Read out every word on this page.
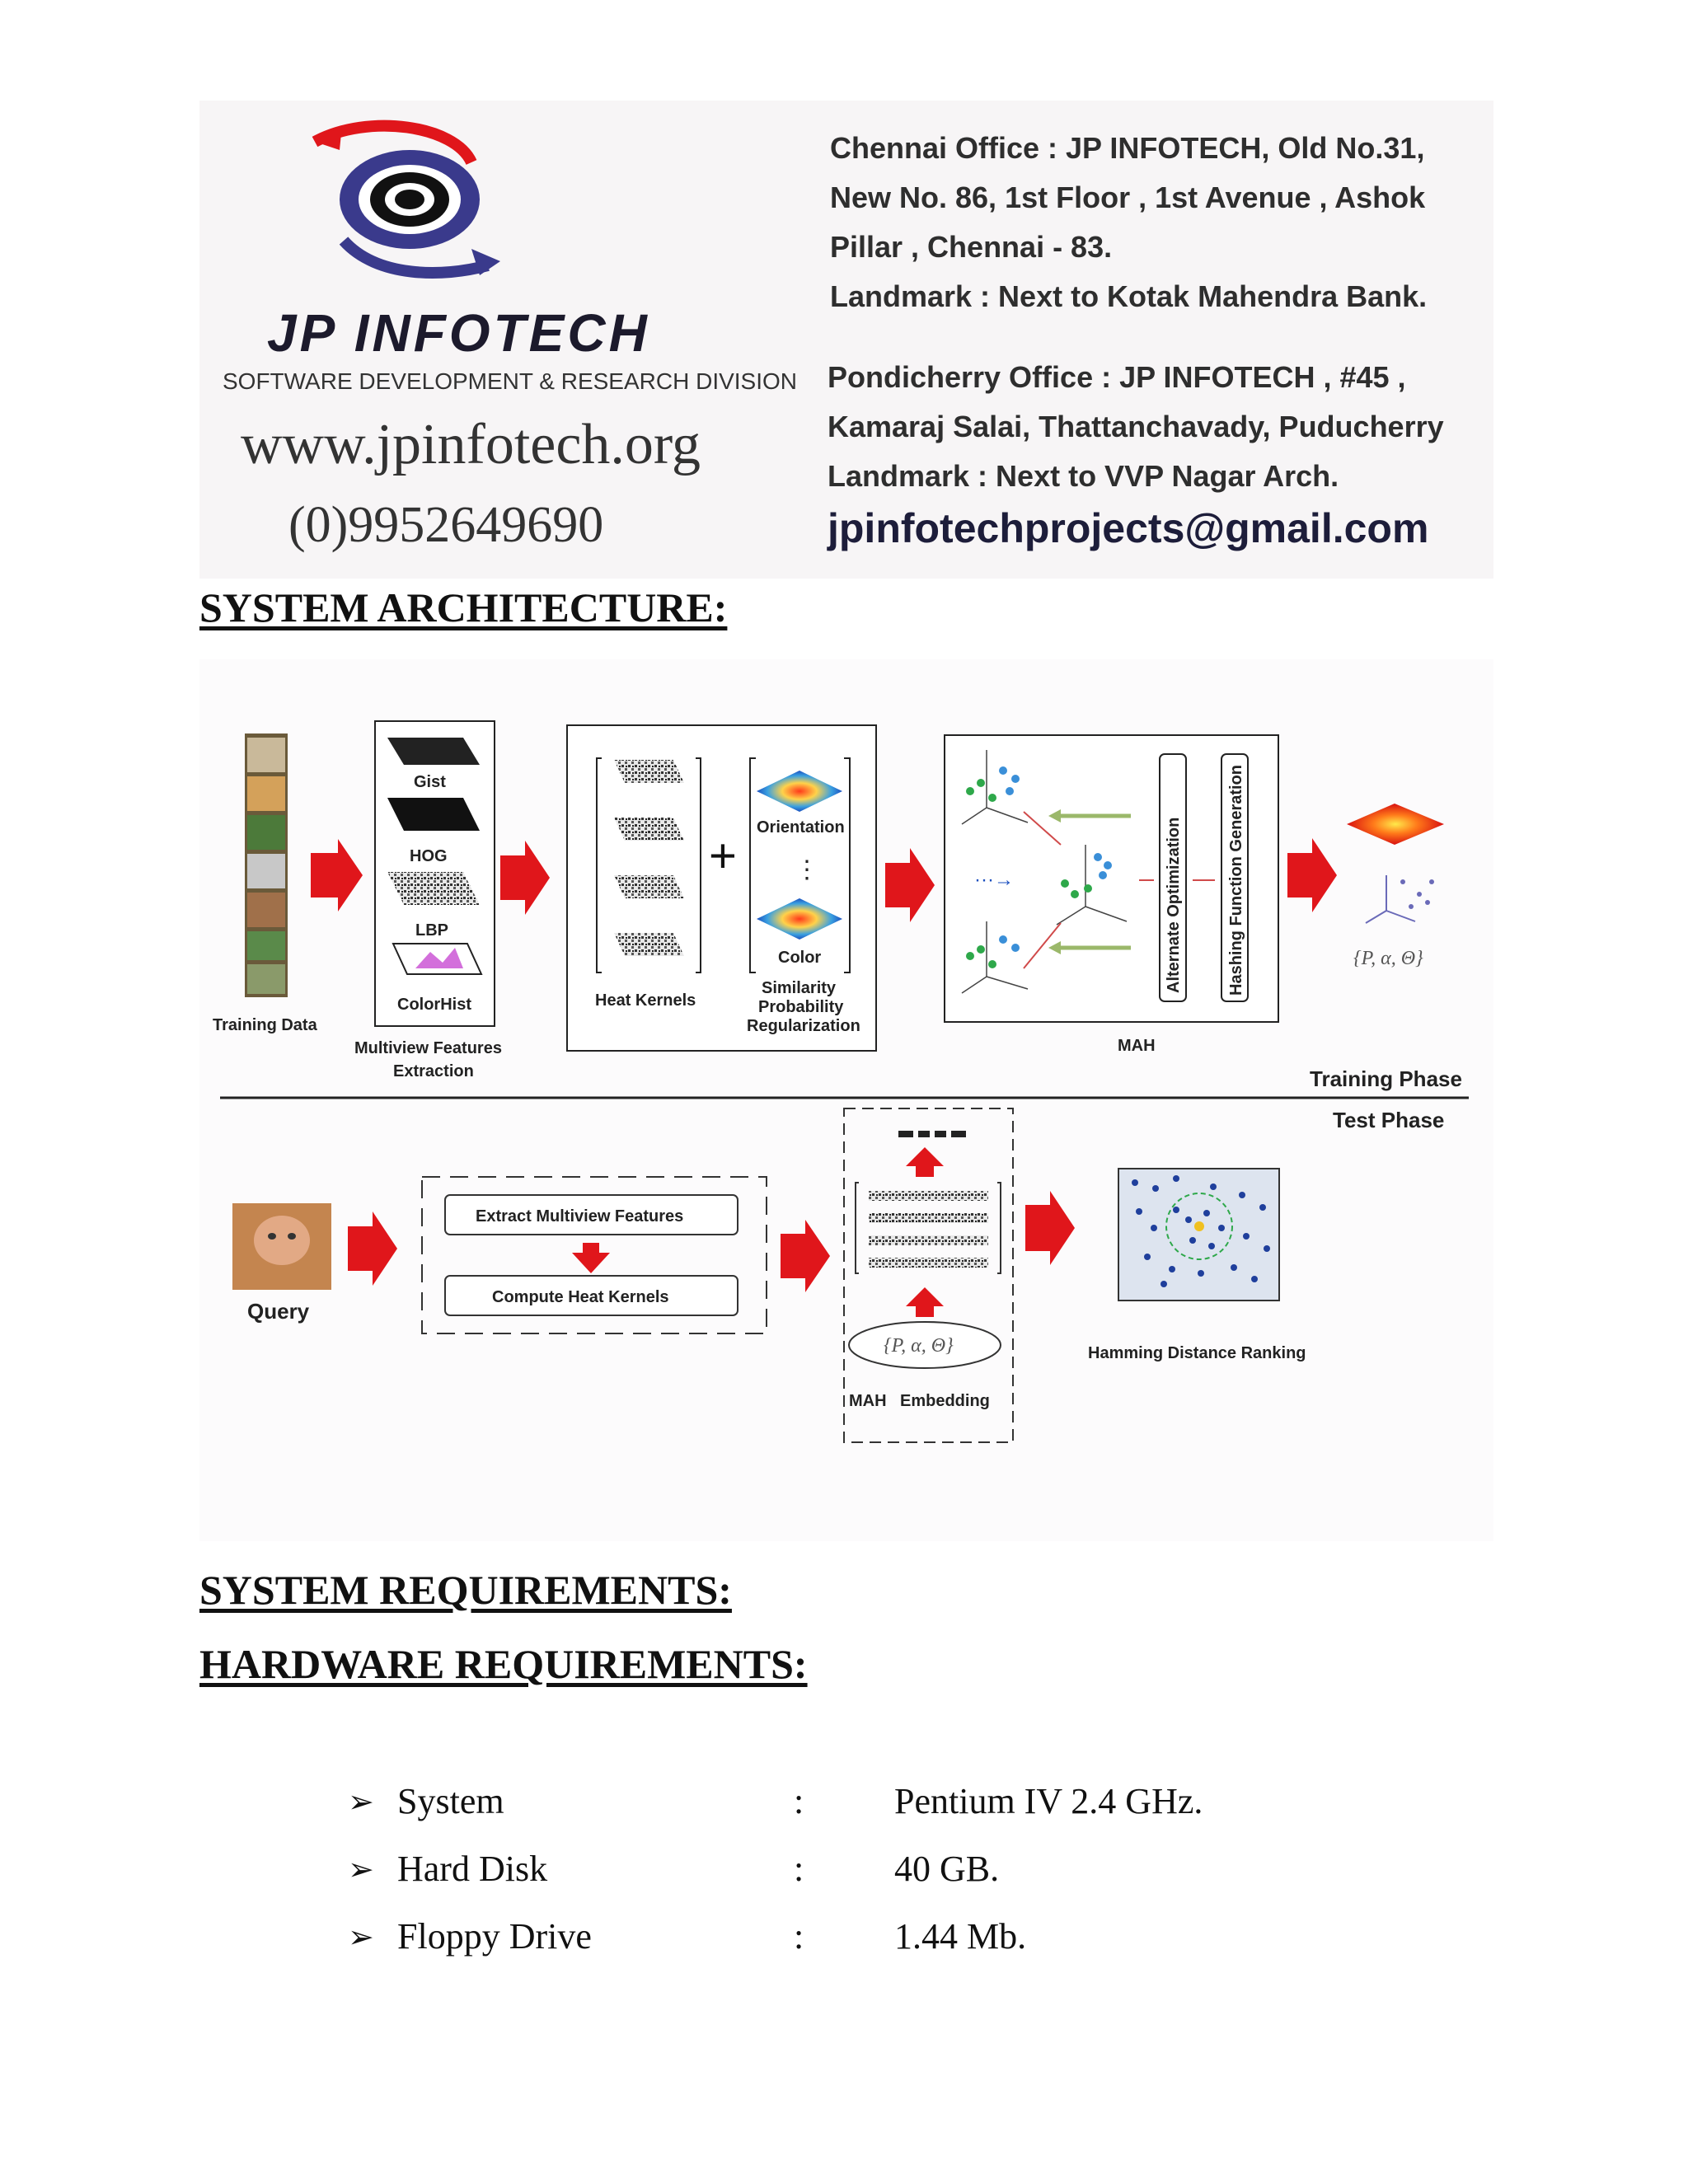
JP INFOTECH
SOFTWARE DEVELOPMENT & RESEARCH DIVISION
www.jpinfotech.org
(0)9952649690
Chennai Office : JP INFOTECH, Old No.31,
New No. 86, 1st Floor , 1st Avenue , Ashok
Pillar , Chennai - 83.
Landmark : Next to Kotak Mahendra Bank.
Pondicherry Office : JP INFOTECH , #45 ,
Kamaraj Salai, Thattanchavady, Puducherry
Landmark : Next to VVP Nagar Arch.
jpinfotechprojects@gmail.com
SYSTEM ARCHITECTURE:
Training Data
Gist
HOG
LBP
ColorHist
Multiview Features
Extraction
Heat Kernels
+
Orientation
⋮
Color
Similarity
Probability
Regularization
···→	Alternate Optimization	Hashing Function Generation
MAH
{P, α, Θ}
Training Phase
Test Phase
Query
Extract Multiview Features
Compute Heat Kernels
{P, α, Θ}
MAH Embedding
Hamming Distance Ranking
SYSTEM REQUIREMENTS:
HARDWARE REQUIREMENTS:
➢ System	: Pentium IV 2.4 GHz.
➢ Hard Disk	: 40 GB.
➢ Floppy Drive	: 1.44 Mb.
